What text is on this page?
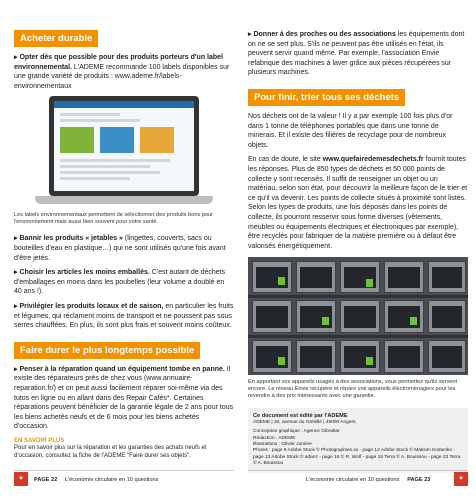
Acheter durable

▸ Opter dès que possible pour des produits porteurs d'un label environnemental. L'ADEME recommande 100 labels disponibles sur une grande variété de produits : www.ademe.fr/labels-environnementaux

Les labels environnementaux permettent de sélectionner des produits bons pour l'environnement mais aussi bien souvent pour votre santé.

▸ Bannir les produits « jetables » (lingettes, couverts, sacs ou bouteilles d'eau en plastique…) qui ne sont utilisés qu'une fois avant d'être jetés.

▸ Choisir les articles les moins emballés. C'est autant de déchets d'emballages en moins dans les poubelles (leur volume a doublé en 40 ans !).

▸ Privilégier les produits locaux et de saison, en particulier les fruits et légumes, qui réclament moins de transport et ne poussent pas sous serres chauffées. En plus, ils sont plus frais et souvent moins coûteux.

Faire durer le plus longtemps possible

▸ Penser à la réparation quand un équipement tombe en panne. Il existe des réparateurs près de chez vous (www.annuaire-reparation.fr/) et on peut aussi facilement réparer soi-même via des tutos en ligne ou en allant dans des Repair Cafés*. Certaines réparations peuvent bénéficier de la garantie légale de 2 ans pour tous les biens achetés neufs et de 6 mois pour les biens achetés d'occasion.

EN SAVOIR PLUS

Pour en savoir plus sur la réparation et les garanties des achats neufs et d'occasion, consultez la fiche de l'ADEME "Faire durer ses objets".

▸ Donner à des proches ou des associations les équipements dont on ne se sert plus. S'ils ne peuvent pas être utilisés en l'état, ils peuvent servir quand même. Par exemple, l'association Envie refabrique des machines à laver grâce aux pièces récupérées sur plusieurs machines.

Pour finir, trier tous ses déchets

Nos déchets ont de la valeur ! Il y a par exemple 100 fois plus d'or dans 1 tonne de téléphones portables que dans une tonne de minerais. Et il existe des filières de recyclage pour de nombreux objets.

En cas de doute, le site www.quefairedemesdechets.fr fournit toutes les réponses. Plus de 850 types de déchets et 50 000 points de collecte y sont recensés. Il suffit de renseigner un objet ou un matériau, selon son état, pour découvrir la meilleure façon de le trier et ce qu'il va devenir. Les points de collecte situés à proximité sont listés. Selon les types de produits, une fois déposés dans les points de collecte, ils pourront resservir sous forme diverses (vêtements, meubles ou équipements électriques et électroniques par exemple), être recyclés pour fabriquer de la matière première ou à défaut être valorisés énergétiquement.

En apportant vos appareils usagés à des associations, vous permettez qu'ils servent encore. Le réseau Envie récupère et répare vos appareils électroménagers pour les revendre à des prix intéressants avec une garantie.
Ce document est édité par l'ADEME
ADEME | 20, avenue du Grésillé | 49000 Angers
Conception graphique : Agence Gibraltar
Rédaction : ADEME
Illustrations : Olivier Junière
Photos : page 9 Adobe Stock © Photographies.xx - page 12 Adobe Stock © Maksim Kostenko - page 13 Adobe Stock © adanz - page 16 © R. Wolf - page 18 Terra © A. Bouissou - page 23 Terra © A. Bouissou
✦	PAGE 22 L'économie circulaire en 10 questions	L'économie circulaire en 10 questions PAGE 23	✦
